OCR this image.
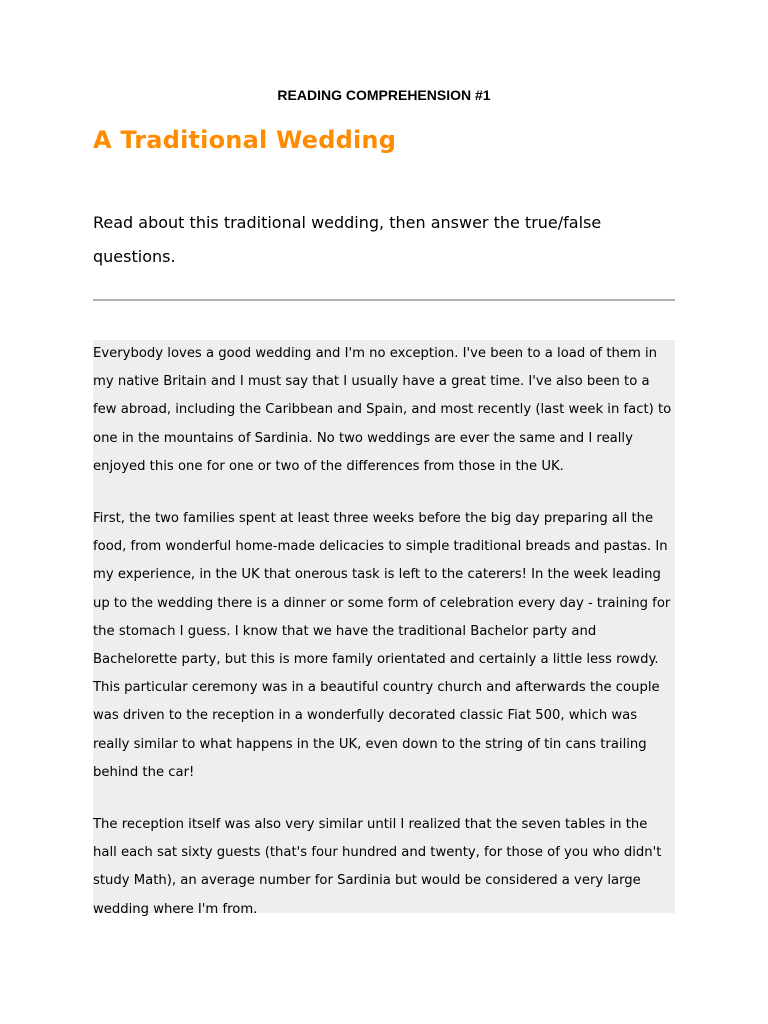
READING COMPREHENSION #1
A Traditional Wedding

Read about this traditional wedding, then answer the true/false questions.

Everybody loves a good wedding and I'm no exception. I've been to a load of them in my native Britain and I must say that I usually have a great time. I've also been to a few abroad, including the Caribbean and Spain, and most recently (last week in fact) to one in the mountains of Sardinia. No two weddings are ever the same and I really enjoyed this one for one or two of the differences from those in the UK.

First, the two families spent at least three weeks before the big day preparing all the food, from wonderful home-made delicacies to simple traditional breads and pastas. In my experience, in the UK that onerous task is left to the caterers! In the week leading up to the wedding there is a dinner or some form of celebration every day - training for the stomach I guess. I know that we have the traditional Bachelor party and Bachelorette party, but this is more family orientated and certainly a little less rowdy. This particular ceremony was in a beautiful country church and afterwards the couple was driven to the reception in a wonderfully decorated classic Fiat 500, which was really similar to what happens in the UK, even down to the string of tin cans trailing behind the car!

The reception itself was also very similar until I realized that the seven tables in the hall each sat sixty guests (that's four hundred and twenty, for those of you who didn't study Math), an average number for Sardinia but would be considered a very large wedding where I'm from.
